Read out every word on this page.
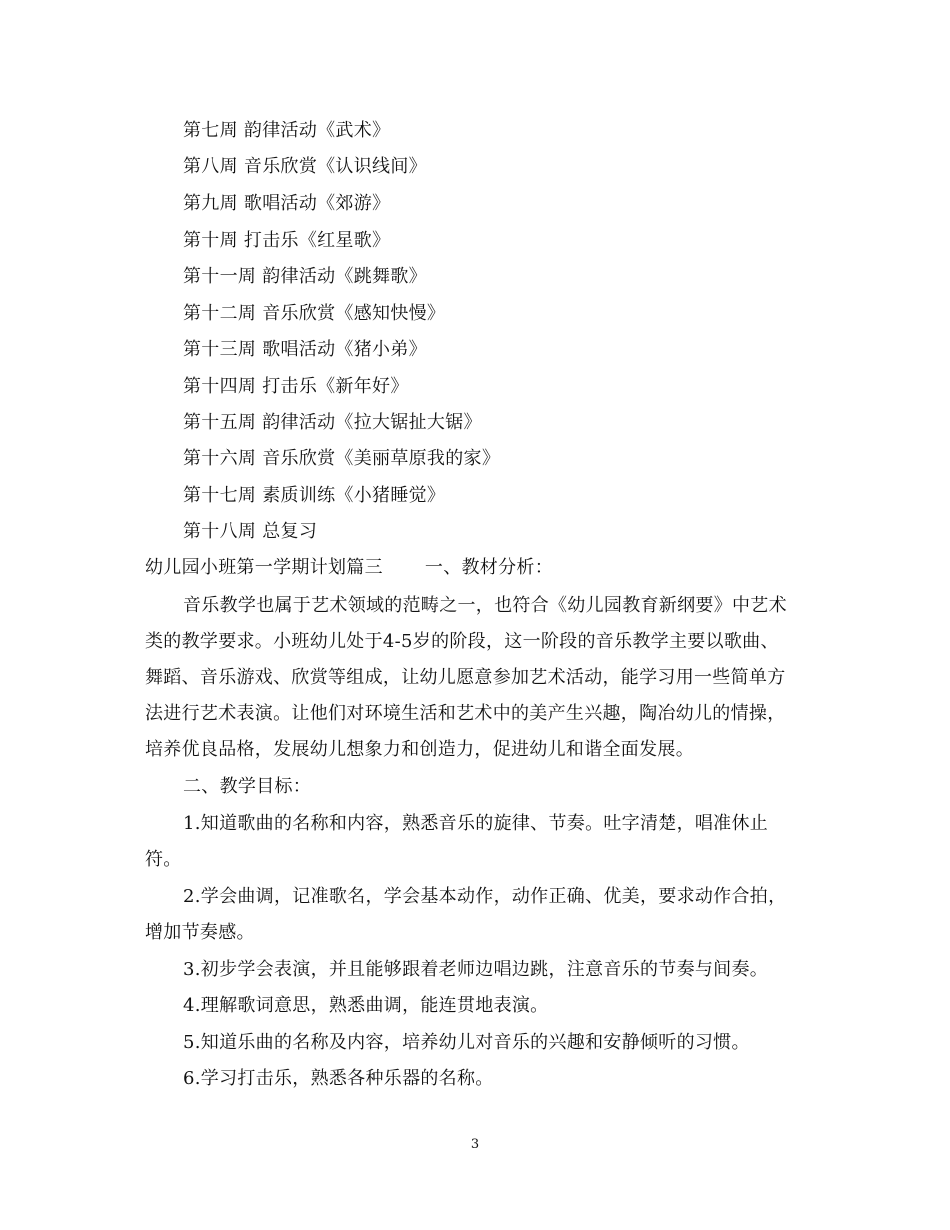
第七周 韵律活动《武术》
第八周 音乐欣赏《认识线间》
第九周 歌唱活动《郊游》
第十周 打击乐《红星歌》
第十一周 韵律活动《跳舞歌》
第十二周 音乐欣赏《感知快慢》
第十三周 歌唱活动《猪小弟》
第十四周 打击乐《新年好》
第十五周 韵律活动《拉大锯扯大锯》
第十六周 音乐欣赏《美丽草原我的家》
第十七周 素质训练《小猪睡觉》
第十八周 总复习
幼儿园小班第一学期计划篇三 一、教材分析：
音乐教学也属于艺术领域的范畴之一，也符合《幼儿园教育新纲要》中艺术
类的教学要求。小班幼儿处于4-5岁的阶段，这一阶段的音乐教学主要以歌曲、
舞蹈、音乐游戏、欣赏等组成，让幼儿愿意参加艺术活动，能学习用一些简单方
法进行艺术表演。让他们对环境生活和艺术中的美产生兴趣，陶冶幼儿的情操，
培养优良品格，发展幼儿想象力和创造力，促进幼儿和谐全面发展。
二、教学目标：
1.知道歌曲的名称和内容，熟悉音乐的旋律、节奏。吐字清楚，唱准休止
符。
2.学会曲调，记准歌名，学会基本动作，动作正确、优美，要求动作合拍，
增加节奏感。
3.初步学会表演，并且能够跟着老师边唱边跳，注意音乐的节奏与间奏。
4.理解歌词意思，熟悉曲调，能连贯地表演。
5.知道乐曲的名称及内容，培养幼儿对音乐的兴趣和安静倾听的习惯。
6.学习打击乐，熟悉各种乐器的名称。
3
